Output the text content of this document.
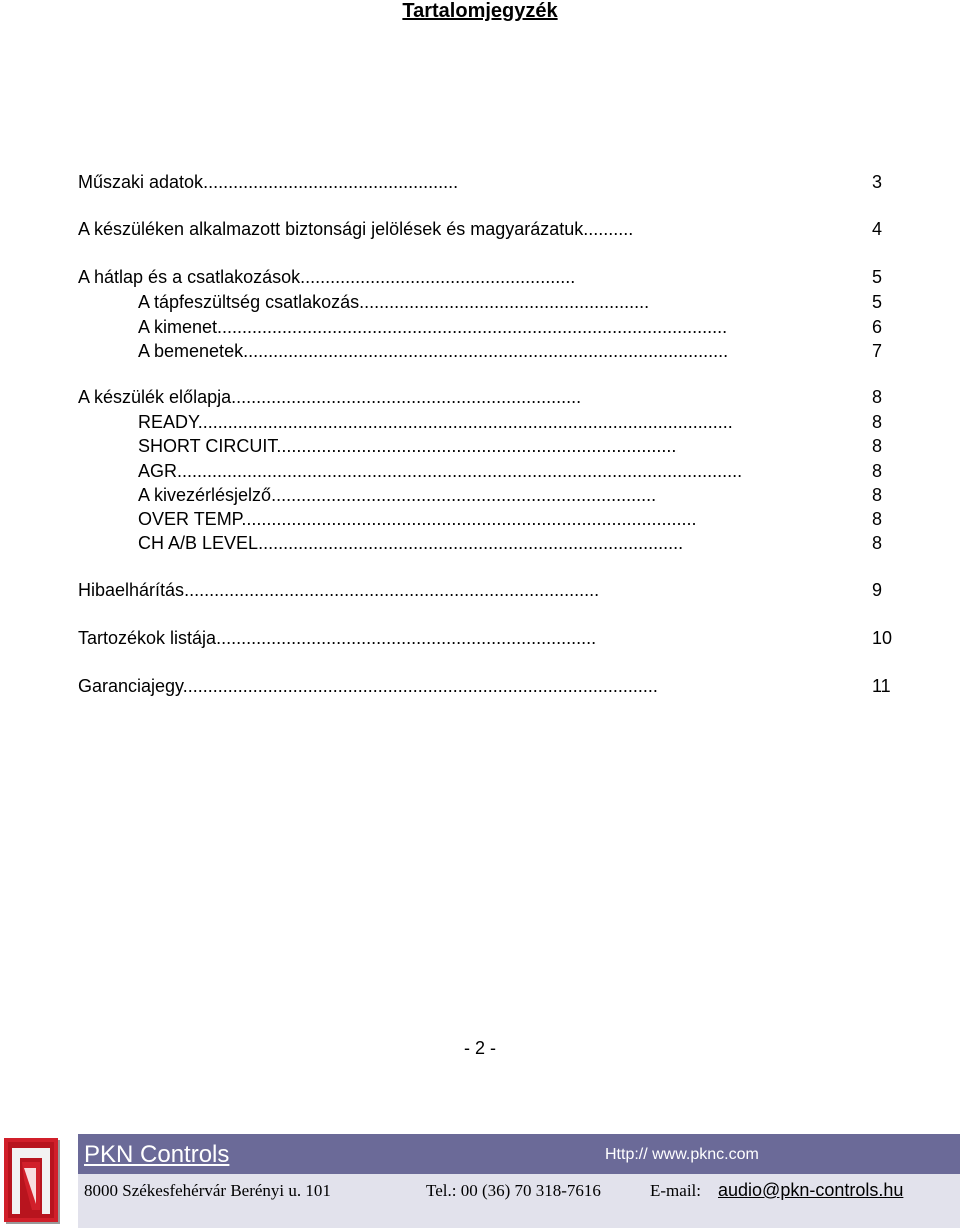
Tartalomjegyzék
Műszaki adatok...................................................	3
A készüléken alkalmazott biztonsági jelölések és magyarázatuk..........	4
A hátlap és a csatlakozások.......................................................	5
A tápfeszültség csatlakozás..........................................................	5
A kimenet......................................................................................................	6
A bemenetek.................................................................................................	7
A készülék előlapja......................................................................	8
READY...........................................................................................................	8
SHORT CIRCUIT................................................................................	8
AGR.................................................................................................................	8
A kivezérlésjelző.............................................................................	8
OVER TEMP...........................................................................................	8
CH A/B LEVEL.....................................................................................	8
Hibaelhárítás...................................................................................	9
Tartozékok listája............................................................................	10
Garanciajegy...............................................................................................	11
- 2 -
PKN Controls	Http:// www.pknc.com
8000 Székesfehérvár Berényi u. 101	Tel.: 00 (36) 70 318-7616	E-mail: audio@pkn-controls.hu
